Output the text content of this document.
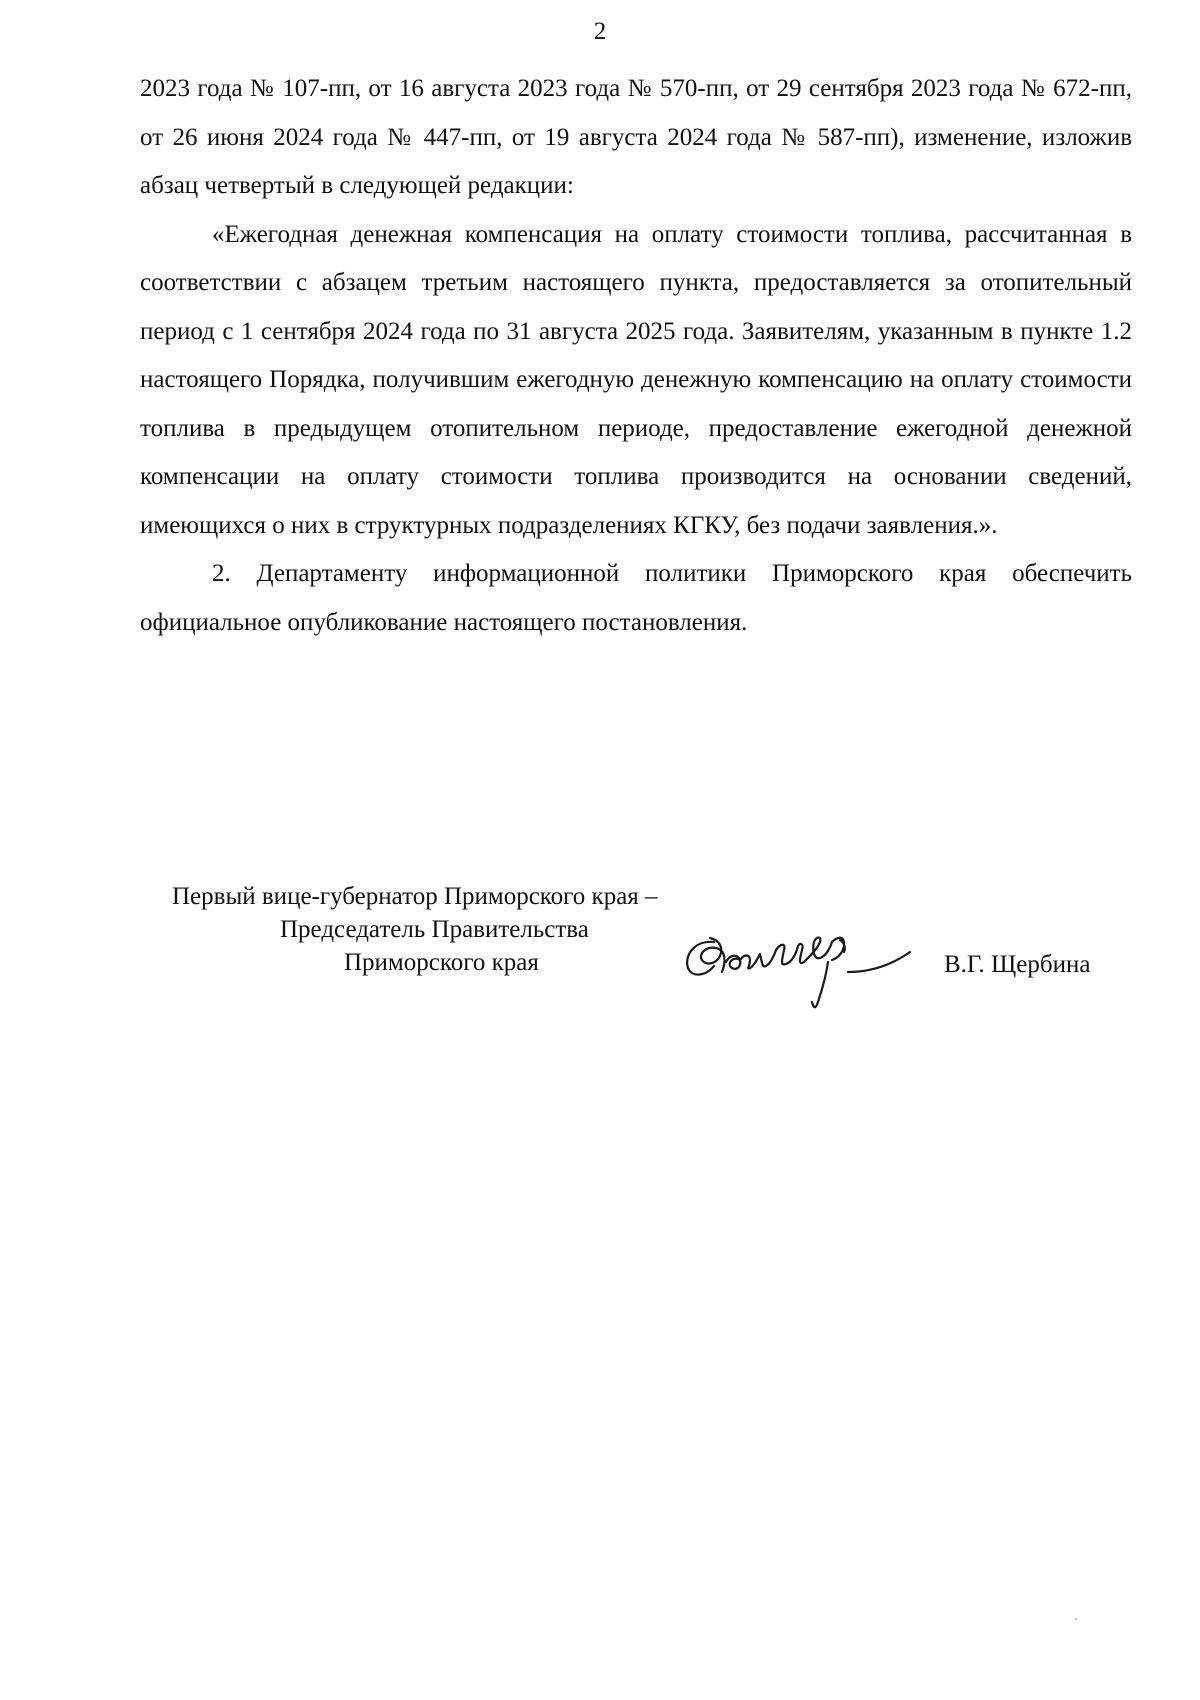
2

2023 года № 107-пп, от 16 августа 2023 года № 570-пп, от 29 сентября 2023 года № 672-пп, от 26 июня 2024 года № 447-пп, от 19 августа 2024 года № 587-пп), изменение, изложив абзац четвертый в следующей редакции:

«Ежегодная денежная компенсация на оплату стоимости топлива, рассчитанная в соответствии с абзацем третьим настоящего пункта, предоставляется за отопительный период с 1 сентября 2024 года по 31 августа 2025 года. Заявителям, указанным в пункте 1.2 настоящего Порядка, получившим ежегодную денежную компенсацию на оплату стоимости топлива в предыдущем отопительном периоде, предоставление ежегодной денежной компенсации на оплату стоимости топлива производится на основании сведений, имеющихся о них в структурных подразделениях КГКУ, без подачи заявления.».

2. Департаменту информационной политики Приморского края обеспечить официальное опубликование настоящего постановления.

Первый вице-губернатор Приморского края –
Председатель Правительства
Приморского края	В.Г. Щербина
